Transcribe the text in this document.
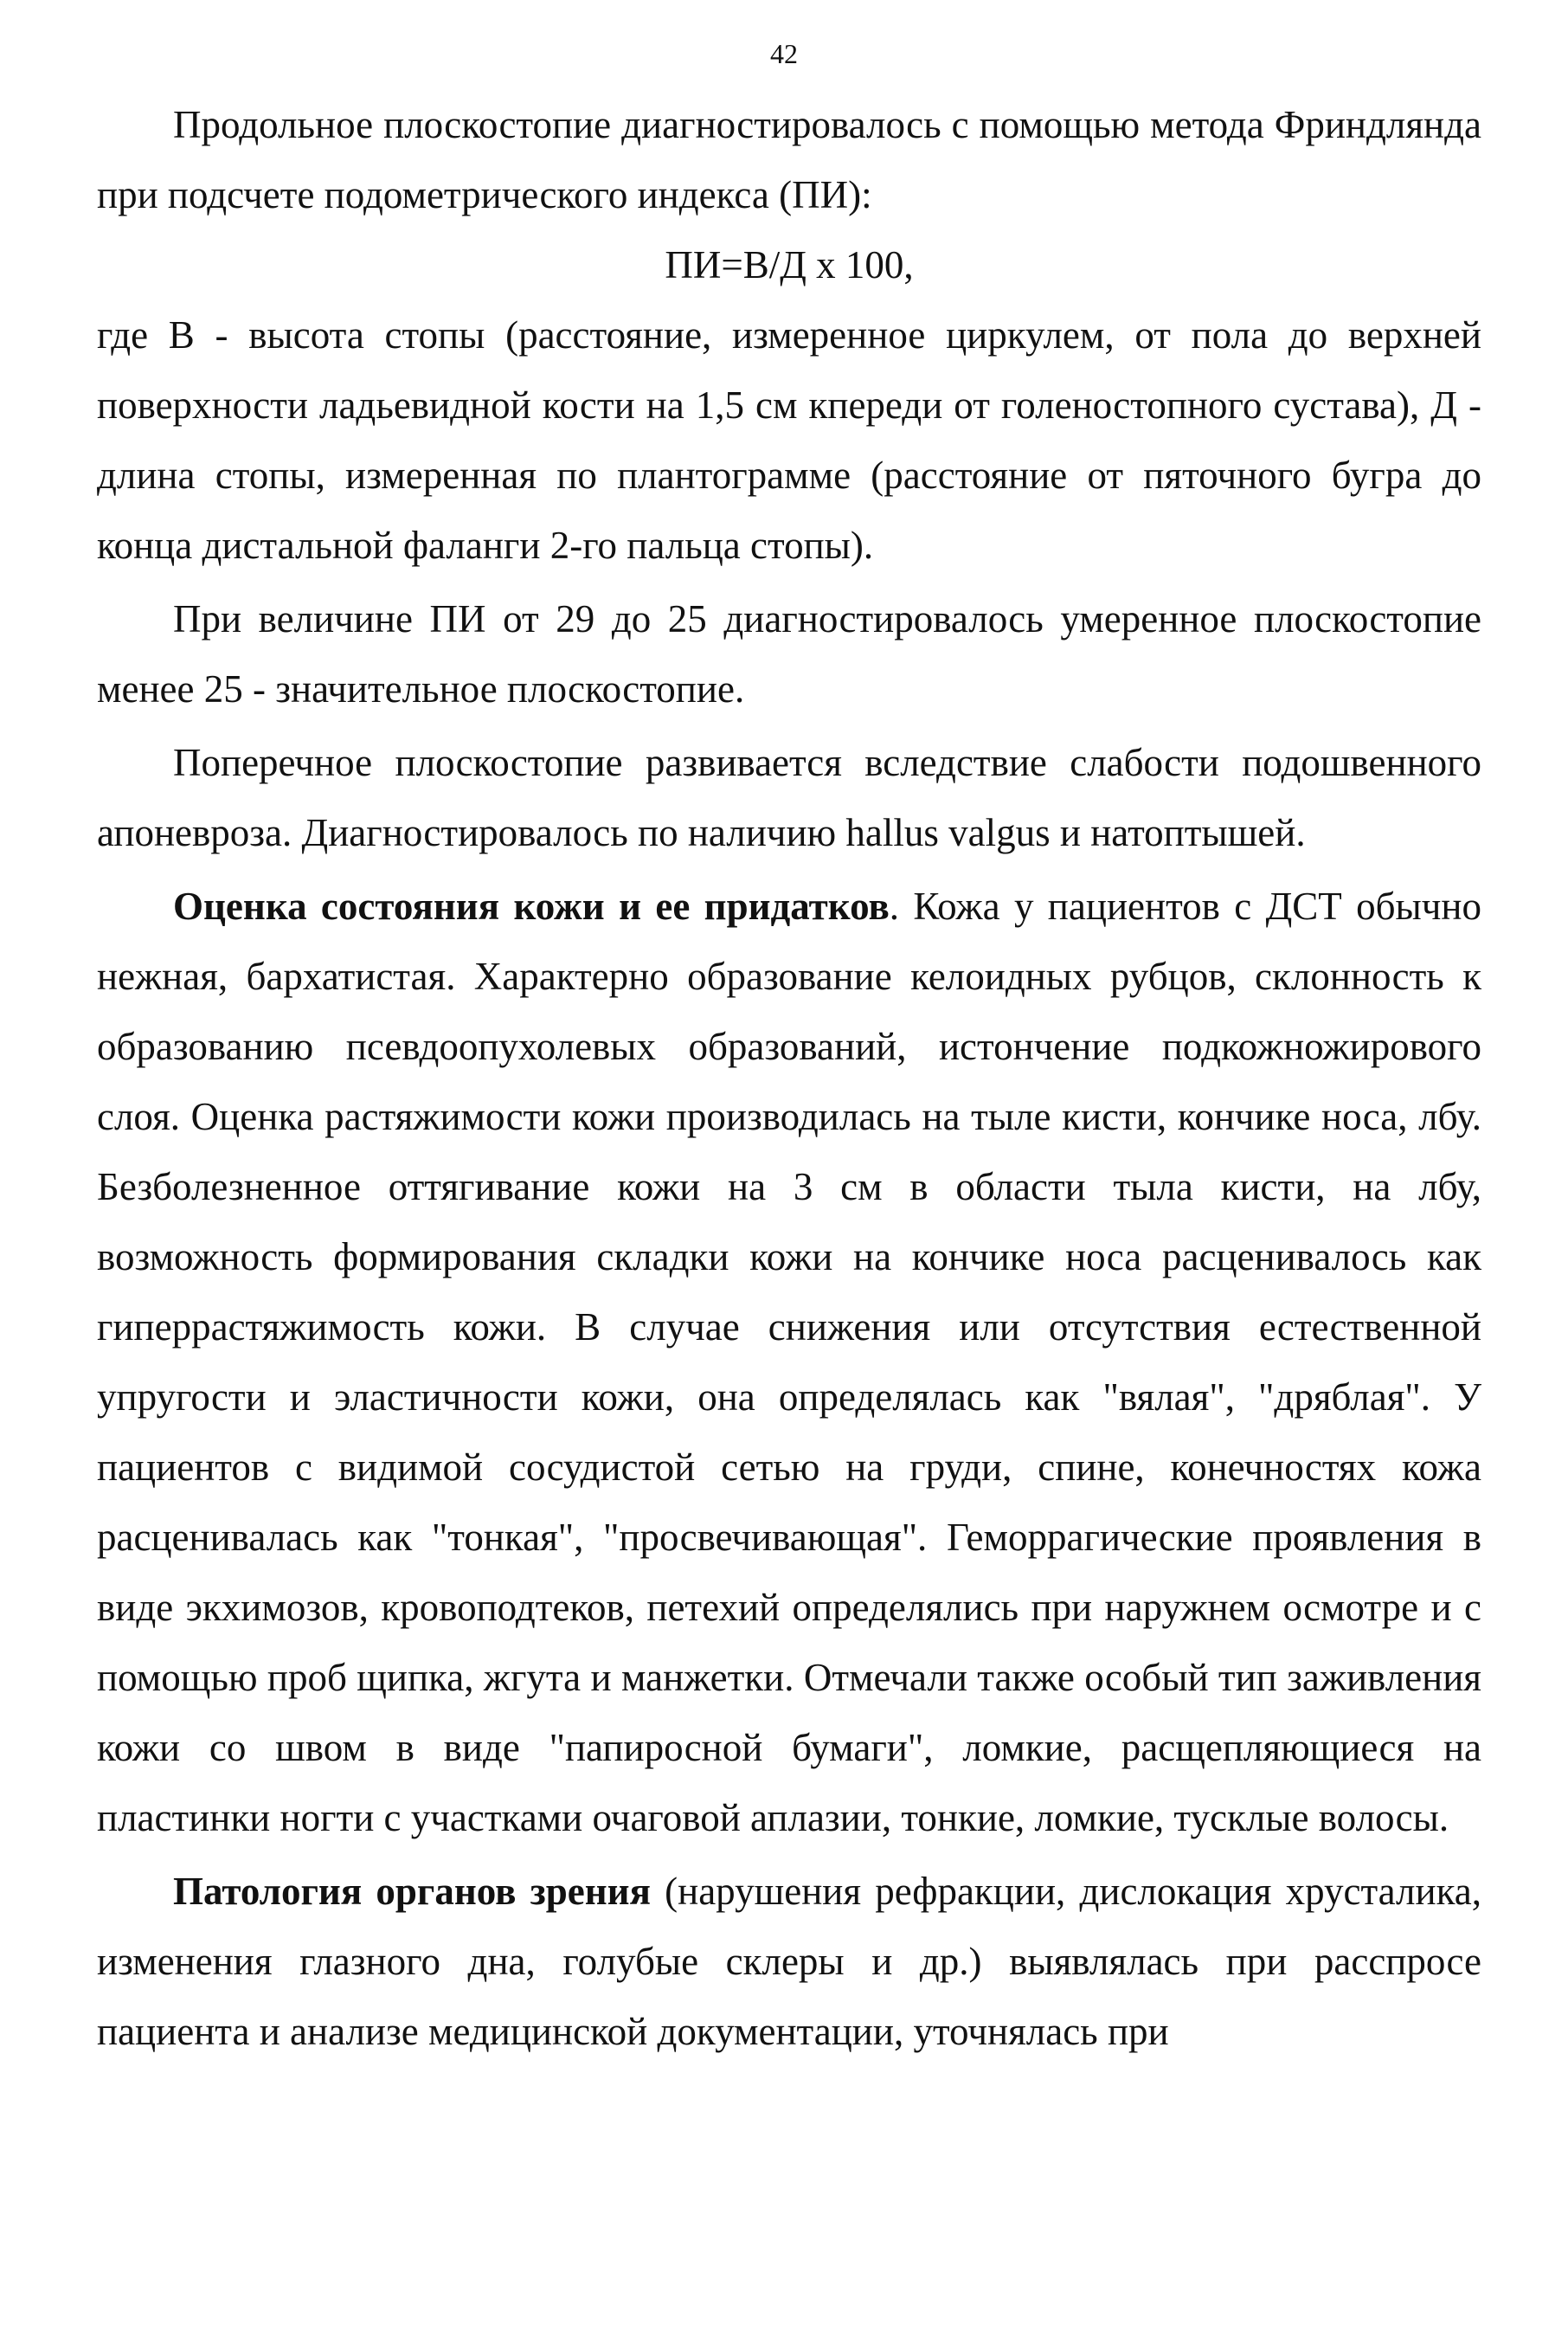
42

Продольное плоскостопие диагностировалось с помощью метода Фриндлянда при подсчете подометрического индекса (ПИ):

ПИ=В/Д х 100,

где В - высота стопы (расстояние, измеренное циркулем, от пола до верхней поверхности ладьевидной кости на 1,5 см кпереди от голеностопного сустава), Д - длина стопы, измеренная по плантограмме (расстояние от пяточного бугра до конца дистальной фаланги 2-го пальца стопы).

При величине ПИ от 29 до 25 диагностировалось умеренное плоскостопие менее 25 - значительное плоскостопие.

Поперечное плоскостопие развивается вследствие слабости подошвенного апоневроза. Диагностировалось по наличию hallus valgus и натоптышей.

Оценка состояния кожи и ее придатков. Кожа у пациентов с ДСТ обычно нежная, бархатистая. Характерно образование келоидных рубцов, склонность к образованию псевдоопухолевых образований, истончение подкожножирового слоя. Оценка растяжимости кожи производилась на тыле кисти, кончике носа, лбу. Безболезненное оттягивание кожи на 3 см в области тыла кисти, на лбу, возможность формирования складки кожи на кончике носа расценивалось как гиперрастяжимость кожи. В случае снижения или отсутствия естественной упругости и эластичности кожи, она определялась как "вялая", "дряблая". У пациентов с видимой сосудистой сетью на груди, спине, конечностях кожа расценивалась как "тонкая", "просвечивающая". Геморрагические проявления в виде экхимозов, кровоподтеков, петехий определялись при наружнем осмотре и с помощью проб щипка, жгута и манжетки. Отмечали также особый тип заживления кожи со швом в виде "папиросной бумаги", ломкие, расщепляющиеся на пластинки ногти с участками очаговой аплазии, тонкие, ломкие, тусклые волосы.

Патология органов зрения (нарушения рефракции, дислокация хрусталика, изменения глазного дна, голубые склеры и др.) выявлялась при расспросе пациента и анализе медицинской документации, уточнялась при
